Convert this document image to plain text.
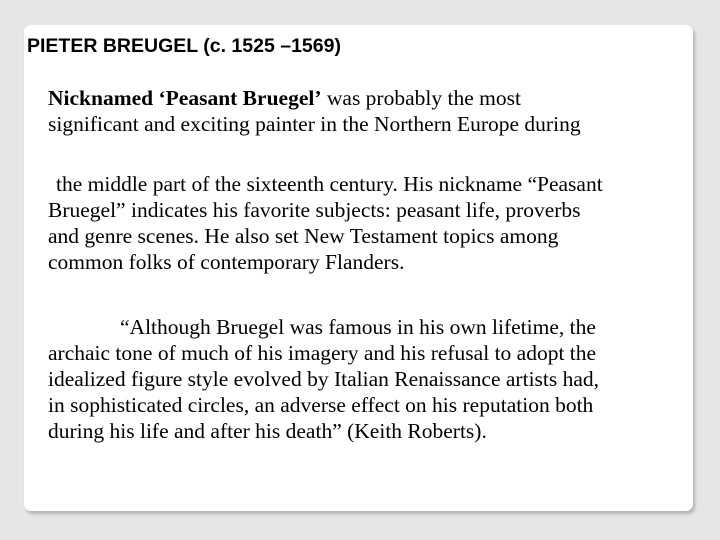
PIETER BREUGEL (c. 1525 –1569)

Nicknamed ‘Peasant Bruegel’ was probably the most
significant and exciting painter in the Northern Europe during

the middle part of the sixteenth century. His nickname “Peasant
Bruegel” indicates his favorite subjects: peasant life, proverbs
and genre scenes. He also set New Testament topics among
common folks of contemporary Flanders.

“Although Bruegel was famous in his own lifetime, the
archaic tone of much of his imagery and his refusal to adopt the
idealized figure style evolved by Italian Renaissance artists had,
in sophisticated circles, an adverse effect on his reputation both
during his life and after his death” (Keith Roberts).
